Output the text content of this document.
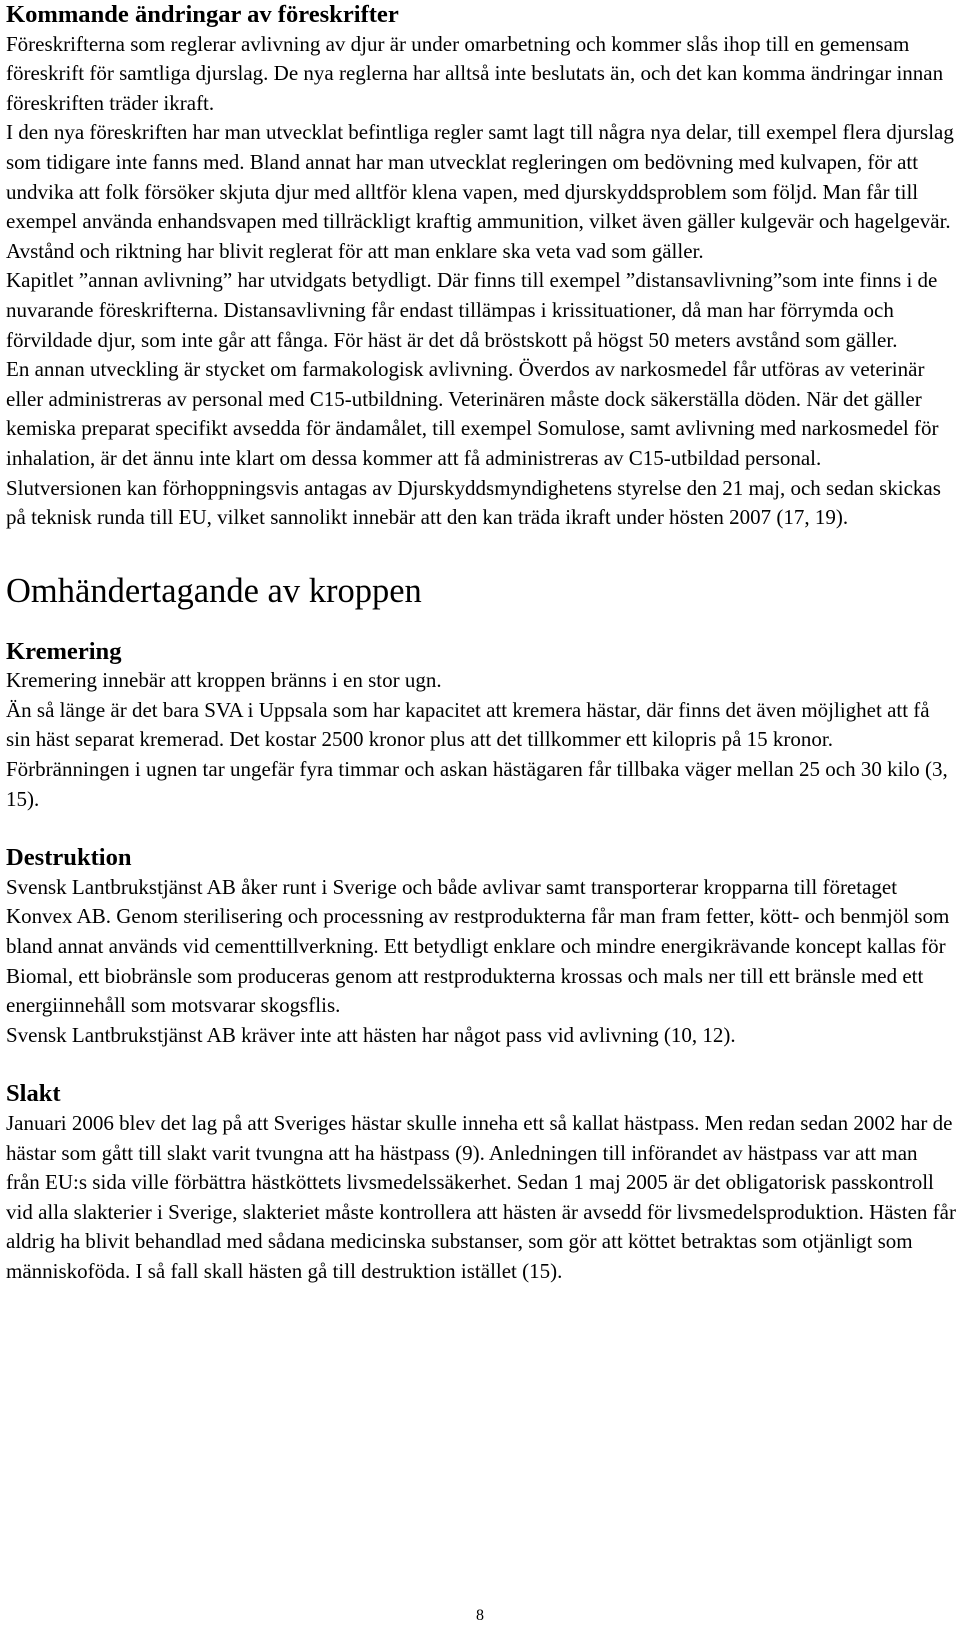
Kommande ändringar av föreskrifter

Föreskrifterna som reglerar avlivning av djur är under omarbetning och kommer slås ihop till en gemensam föreskrift för samtliga djurslag. De nya reglerna har alltså inte beslutats än, och det kan komma ändringar innan föreskriften träder ikraft.

I den nya föreskriften har man utvecklat befintliga regler samt lagt till några nya delar, till exempel flera djurslag som tidigare inte fanns med. Bland annat har man utvecklat regleringen om bedövning med kulvapen, för att undvika att folk försöker skjuta djur med alltför klena vapen, med djurskyddsproblem som följd. Man får till exempel använda enhandsvapen med tillräckligt kraftig ammunition, vilket även gäller kulgevär och hagelgevär. Avstånd och riktning har blivit reglerat för att man enklare ska veta vad som gäller.

Kapitlet ”annan avlivning” har utvidgats betydligt. Där finns till exempel ”distansavlivning”som inte finns i de nuvarande föreskrifterna. Distansavlivning får endast tillämpas i krissituationer, då man har förrymda och förvildade djur, som inte går att fånga. För häst är det då bröstskott på högst 50 meters avstånd som gäller.

En annan utveckling är stycket om farmakologisk avlivning. Överdos av narkosmedel får utföras av veterinär eller administreras av personal med C15-utbildning. Veterinären måste dock säkerställa döden. När det gäller kemiska preparat specifikt avsedda för ändamålet, till exempel Somulose, samt avlivning med narkosmedel för inhalation, är det ännu inte klart om dessa kommer att få administreras av C15-utbildad personal.

Slutversionen kan förhoppningsvis antagas av Djurskyddsmyndighetens styrelse den 21 maj, och sedan skickas på teknisk runda till EU, vilket sannolikt innebär att den kan träda ikraft under hösten 2007 (17, 19).

Omhändertagande av kroppen
Kremering

Kremering innebär att kroppen bränns i en stor ugn.

Än så länge är det bara SVA i Uppsala som har kapacitet att kremera hästar, där finns det även möjlighet att få sin häst separat kremerad. Det kostar 2500 kronor plus att det tillkommer ett kilopris på 15 kronor. Förbränningen i ugnen tar ungefär fyra timmar och askan hästägaren får tillbaka väger mellan 25 och 30 kilo (3, 15).

Destruktion

Svensk Lantbrukstjänst AB åker runt i Sverige och både avlivar samt transporterar kropparna till företaget Konvex AB. Genom sterilisering och processning av restprodukterna får man fram fetter, kött- och benmjöl som bland annat används vid cementtillverkning. Ett betydligt enklare och mindre energikrävande koncept kallas för Biomal, ett biobränsle som produceras genom att restprodukterna krossas och mals ner till ett bränsle med ett energiinnehåll som motsvarar skogsflis.

Svensk Lantbrukstjänst AB kräver inte att hästen har något pass vid avlivning (10, 12).

Slakt

Januari 2006 blev det lag på att Sveriges hästar skulle inneha ett så kallat hästpass. Men redan sedan 2002 har de hästar som gått till slakt varit tvungna att ha hästpass (9). Anledningen till införandet av hästpass var att man från EU:s sida ville förbättra hästköttets livsmedelssäkerhet. Sedan 1 maj 2005 är det obligatorisk passkontroll vid alla slakterier i Sverige, slakteriet måste kontrollera att hästen är avsedd för livsmedelsproduktion. Hästen får aldrig ha blivit behandlad med sådana medicinska substanser, som gör att köttet betraktas som otjänligt som människoföda. I så fall skall hästen gå till destruktion istället (15).

8
